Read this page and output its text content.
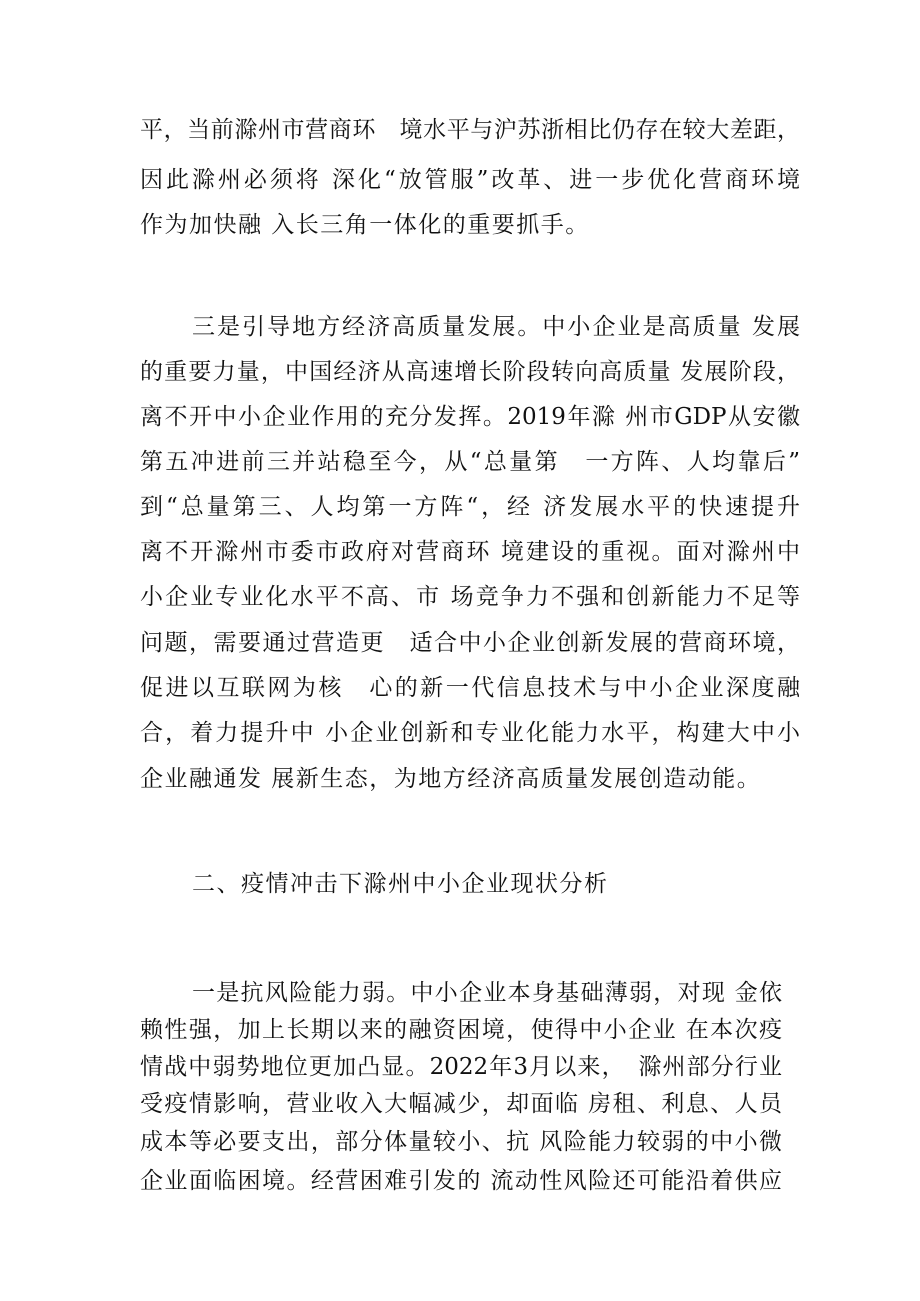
平，当前滁州市营商环　境水平与沪苏浙相比仍存在较大差距，
因此滁州必须将 深化“放管服”改革、进一步优化营商环境
作为加快融 入长三角一体化的重要抓手。
三是引导地方经济高质量发展。中小企业是高质量 发展
的重要力量，中国经济从高速增长阶段转向高质量 发展阶段，
离不开中小企业作用的充分发挥。2019年滁 州市GDP从安徽
第五冲进前三并站稳至今，从“总量第　一方阵、人均靠后”
到“总量第三、人均第一方阵“，经 济发展水平的快速提升
离不开滁州市委市政府对营商环 境建设的重视。面对滁州中
小企业专业化水平不高、市 场竞争力不强和创新能力不足等
问题，需要通过营造更　适合中小企业创新发展的营商环境，
促进以互联网为核　心的新一代信息技术与中小企业深度融
合，着力提升中 小企业创新和专业化能力水平，构建大中小
企业融通发 展新生态，为地方经济高质量发展创造动能。
二、疫情冲击下滁州中小企业现状分析
一是抗风险能力弱。中小企业本身基础薄弱，对现 金依
赖性强，加上长期以来的融资困境，使得中小企业 在本次疫
情战中弱势地位更加凸显。2022年3月以来，　滁州部分行业
受疫情影响，营业收入大幅减少，却面临 房租、利息、人员
成本等必要支出，部分体量较小、抗 风险能力较弱的中小微
企业面临困境。经营困难引发的 流动性风险还可能沿着供应
